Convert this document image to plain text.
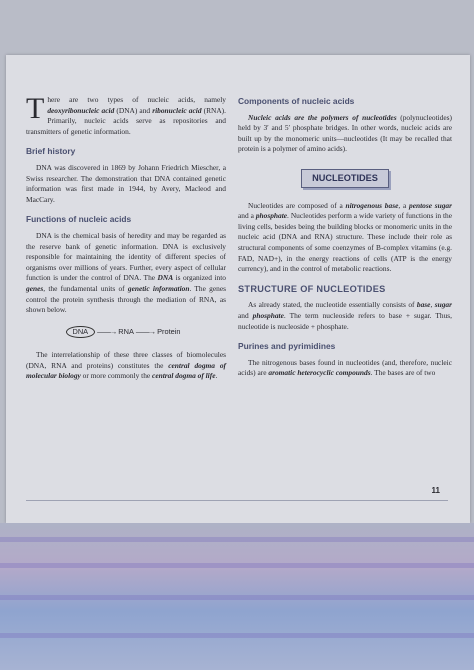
There are two types of nucleic acids, namely deoxyribonucleic acid (DNA) and ribonucleic acid (RNA). Primarily, nucleic acids serve as repositories and transmitters of genetic information.

Brief history

DNA was discovered in 1869 by Johann Friedrich Miescher, a Swiss researcher. The demonstration that DNA contained genetic information was first made in 1944, by Avery, Macleod and MacCary.

Functions of nucleic acids

DNA is the chemical basis of heredity and may be regarded as the reserve bank of genetic information. DNA is exclusively responsible for maintaining the identity of different species of organisms over millions of years. Further, every aspect of cellular function is under the control of DNA. The DNA is organized into genes, the fundamental units of genetic information. The genes control the protein synthesis through the mediation of RNA, as shown below.

DNA	——→ RNA ——→ Protein

The interrelationship of these three classes of biomolecules (DNA, RNA and proteins) constitutes the central dogma of molecular biology or more commonly the central dogma of life.

Components of nucleic acids

Nucleic acids are the polymers of nucleotides (polynucleotides) held by 3′ and 5′ phosphate bridges. In other words, nucleic acids are built up by the monomeric units—nucleotides (It may be recalled that protein is a polymer of amino acids).

NUCLEOTIDES

Nucleotides are composed of a nitrogenous base, a pentose sugar and a phosphate. Nucleotides perform a wide variety of functions in the living cells, besides being the building blocks or monomeric units in the nucleic acid (DNA and RNA) structure. These include their role as structural components of some coenzymes of B-complex vitamins (e.g. FAD, NAD+), in the energy reactions of cells (ATP is the energy currency), and in the control of metabolic reactions.

STRUCTURE OF NUCLEOTIDES

As already stated, the nucleotide essentially consists of base, sugar and phosphate. The term nucleoside refers to base + sugar. Thus, nucleotide is nucleoside + phosphate.

Purines and pyrimidines

The nitrogenous bases found in nucleotides (and, therefore, nucleic acids) are aromatic heterocyclic compounds. The bases are of two

11
